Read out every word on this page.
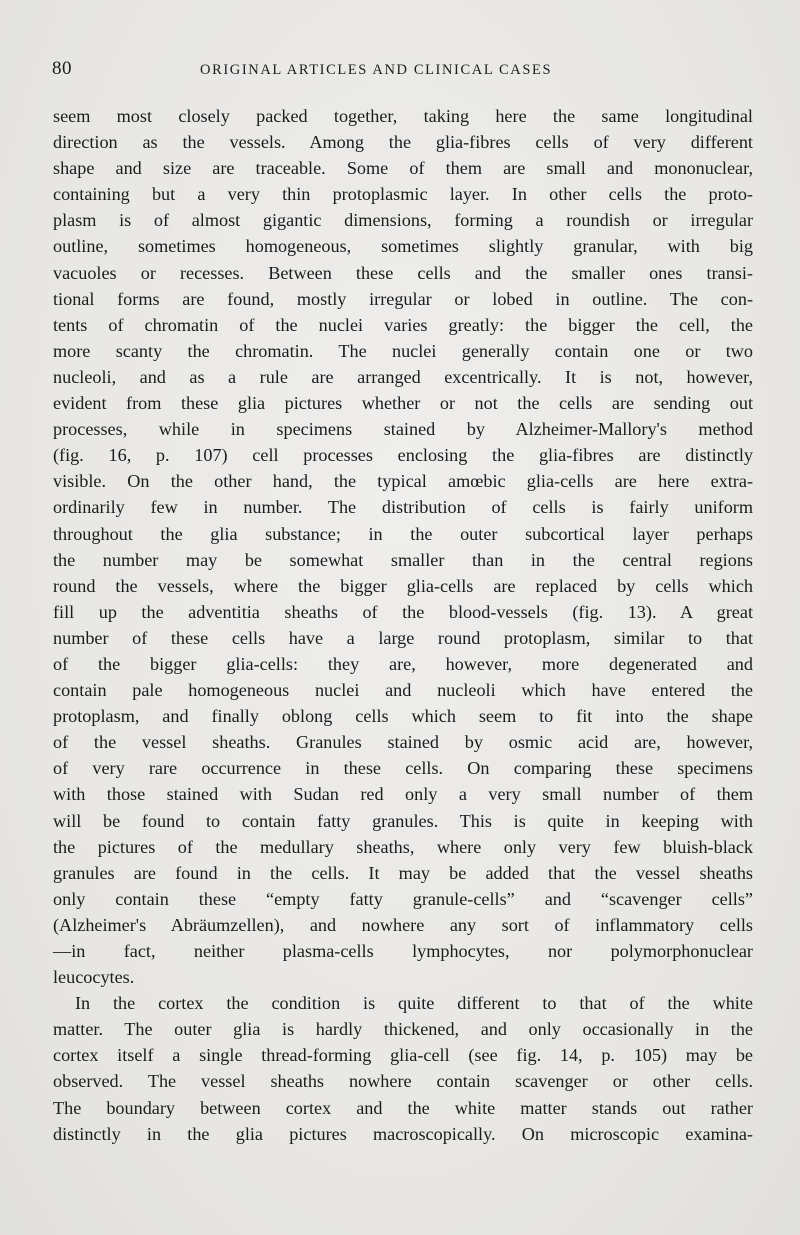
80	ORIGINAL ARTICLES AND CLINICAL CASES
seem most closely packed together, taking here the same longitudinal
direction as the vessels. Among the glia-fibres cells of very different
shape and size are traceable. Some of them are small and mononuclear,
containing but a very thin protoplasmic layer. In other cells the proto-
plasm is of almost gigantic dimensions, forming a roundish or irregular
outline, sometimes homogeneous, sometimes slightly granular, with big
vacuoles or recesses. Between these cells and the smaller ones transi-
tional forms are found, mostly irregular or lobed in outline. The con-
tents of chromatin of the nuclei varies greatly: the bigger the cell, the
more scanty the chromatin. The nuclei generally contain one or two
nucleoli, and as a rule are arranged excentrically. It is not, however,
evident from these glia pictures whether or not the cells are sending out
processes, while in specimens stained by Alzheimer-Mallory's method
(fig. 16, p. 107) cell processes enclosing the glia-fibres are distinctly
visible. On the other hand, the typical amœbic glia-cells are here extra-
ordinarily few in number. The distribution of cells is fairly uniform
throughout the glia substance; in the outer subcortical layer perhaps
the number may be somewhat smaller than in the central regions
round the vessels, where the bigger glia-cells are replaced by cells which
fill up the adventitia sheaths of the blood-vessels (fig. 13). A great
number of these cells have a large round protoplasm, similar to that
of the bigger glia-cells: they are, however, more degenerated and
contain pale homogeneous nuclei and nucleoli which have entered the
protoplasm, and finally oblong cells which seem to fit into the shape
of the vessel sheaths. Granules stained by osmic acid are, however,
of very rare occurrence in these cells. On comparing these specimens
with those stained with Sudan red only a very small number of them
will be found to contain fatty granules. This is quite in keeping with
the pictures of the medullary sheaths, where only very few bluish-black
granules are found in the cells. It may be added that the vessel sheaths
only contain these “empty fatty granule-cells” and “scavenger cells”
(Alzheimer's Abräumzellen), and nowhere any sort of inflammatory cells
—in fact, neither plasma-cells lymphocytes, nor polymorphonuclear
leucocytes.
In the cortex the condition is quite different to that of the white
matter. The outer glia is hardly thickened, and only occasionally in the
cortex itself a single thread-forming glia-cell (see fig. 14, p. 105) may be
observed. The vessel sheaths nowhere contain scavenger or other cells.
The boundary between cortex and the white matter stands out rather
distinctly in the glia pictures macroscopically. On microscopic examina-
